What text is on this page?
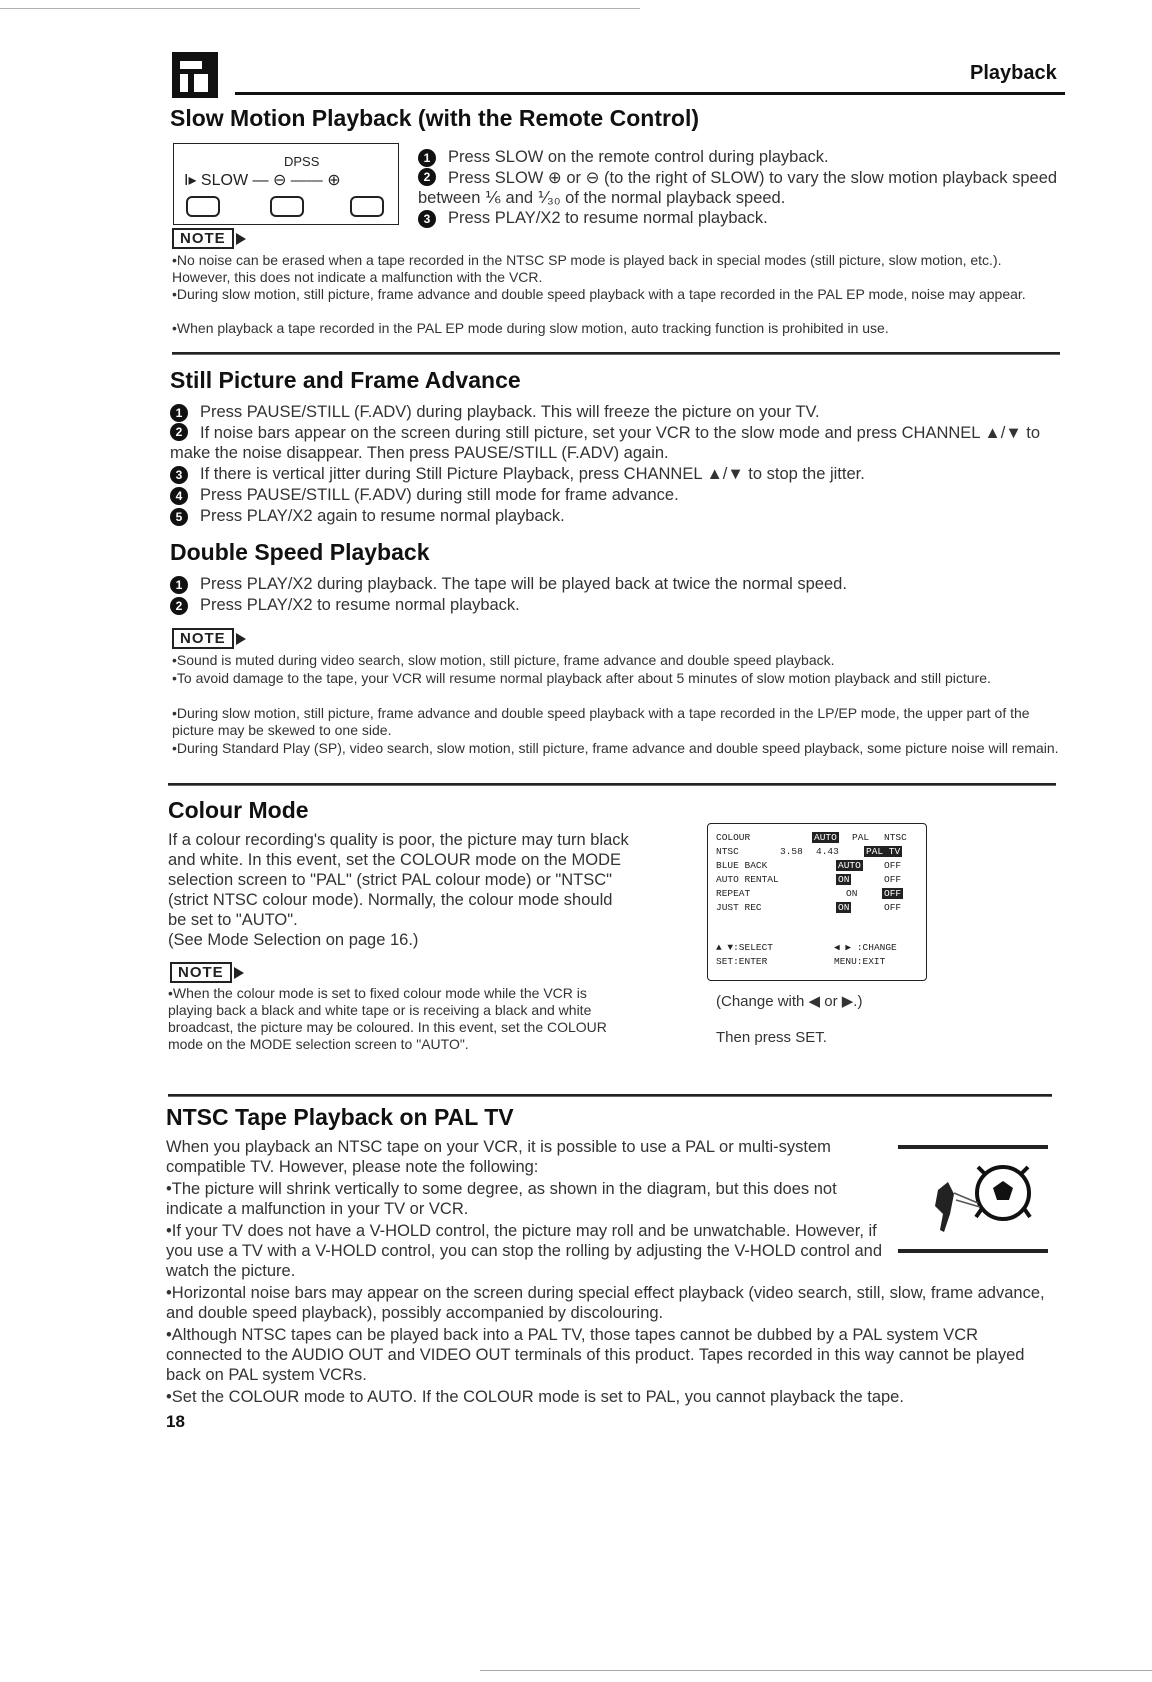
Playback
Slow Motion Playback (with the Remote Control)
DPSS
I▸ SLOW — ⊖ —— ⊕
1 Press SLOW on the remote control during playback.
2	Press SLOW ⊕ or ⊖ (to the right of SLOW) to vary the slow motion playback speed between ⅙ and ⅟₃₀ of the normal playback speed.
3 Press PLAY/X2 to resume normal playback.
NOTE
•No noise can be erased when a tape recorded in the NTSC SP mode is played back in special modes (still picture, slow motion, etc.). However, this does not indicate a malfunction with the VCR.
•During slow motion, still picture, frame advance and double speed playback with a tape recorded in the PAL EP mode, noise may appear.
•When playback a tape recorded in the PAL EP mode during slow motion, auto tracking function is prohibited in use.
Still Picture and Frame Advance
1 Press PAUSE/STILL (F.ADV) during playback. This will freeze the picture on your TV.
2	If noise bars appear on the screen during still picture, set your VCR to the slow mode and press CHANNEL ▲/▼ to make the noise disappear. Then press PAUSE/STILL (F.ADV) again.
3 If there is vertical jitter during Still Picture Playback, press CHANNEL ▲/▼ to stop the jitter.
4 Press PAUSE/STILL (F.ADV) during still mode for frame advance.
5 Press PLAY/X2 again to resume normal playback.
Double Speed Playback
1 Press PLAY/X2 during playback. The tape will be played back at twice the normal speed.
2 Press PLAY/X2 to resume normal playback.
NOTE
•Sound is muted during video search, slow motion, still picture, frame advance and double speed playback.
•To avoid damage to the tape, your VCR will resume normal playback after about 5 minutes of slow motion playback and still picture.
•During slow motion, still picture, frame advance and double speed playback with a tape recorded in the LP/EP mode, the upper part of the picture may be skewed to one side.
•During Standard Play (SP), video search, slow motion, still picture, frame advance and double speed playback, some picture noise will remain.
Colour Mode
If a colour recording's quality is poor, the picture may turn black and white. In this event, set the COLOUR mode on the MODE selection screen to "PAL" (strict PAL colour mode) or "NTSC" (strict NTSC colour mode). Normally, the colour mode should be set to "AUTO".
(See Mode Selection on page 16.)
NOTE
•When the colour mode is set to fixed colour mode while the VCR is playing back a black and white tape or is receiving a black and white broadcast, the picture may be coloured. In this event, set the COLOUR mode on the MODE selection screen to "AUTO".
COLOUR	AUTO PAL NTSC
NTSC	3.58 4.43	PAL TV
BLUE BACK	AUTO OFF
AUTO RENTAL	ON	OFF
REPEAT	ON	OFF
JUST REC	ON	OFF
▲ ▼:SELECT	◀ ▶ :CHANGE
SET:ENTER	MENU:EXIT
(Change with ◀ or ▶.)
Then press SET.
NTSC Tape Playback on PAL TV
When you playback an NTSC tape on your VCR, it is possible to use a PAL or multi-system compatible TV. However, please note the following:
•The picture will shrink vertically to some degree, as shown in the diagram, but this does not indicate a malfunction in your TV or VCR.
•If your TV does not have a V-HOLD control, the picture may roll and be unwatchable. However, if you use a TV with a V-HOLD control, you can stop the rolling by adjusting the V-HOLD control and watch the picture.
•Horizontal noise bars may appear on the screen during special effect playback (video search, still, slow, frame advance, and double speed playback), possibly accompanied by discolouring.
•Although NTSC tapes can be played back into a PAL TV, those tapes cannot be dubbed by a PAL system VCR connected to the AUDIO OUT and VIDEO OUT terminals of this product. Tapes recorded in this way cannot be played back on PAL system VCRs.
•Set the COLOUR mode to AUTO. If the COLOUR mode is set to PAL, you cannot playback the tape.
18
